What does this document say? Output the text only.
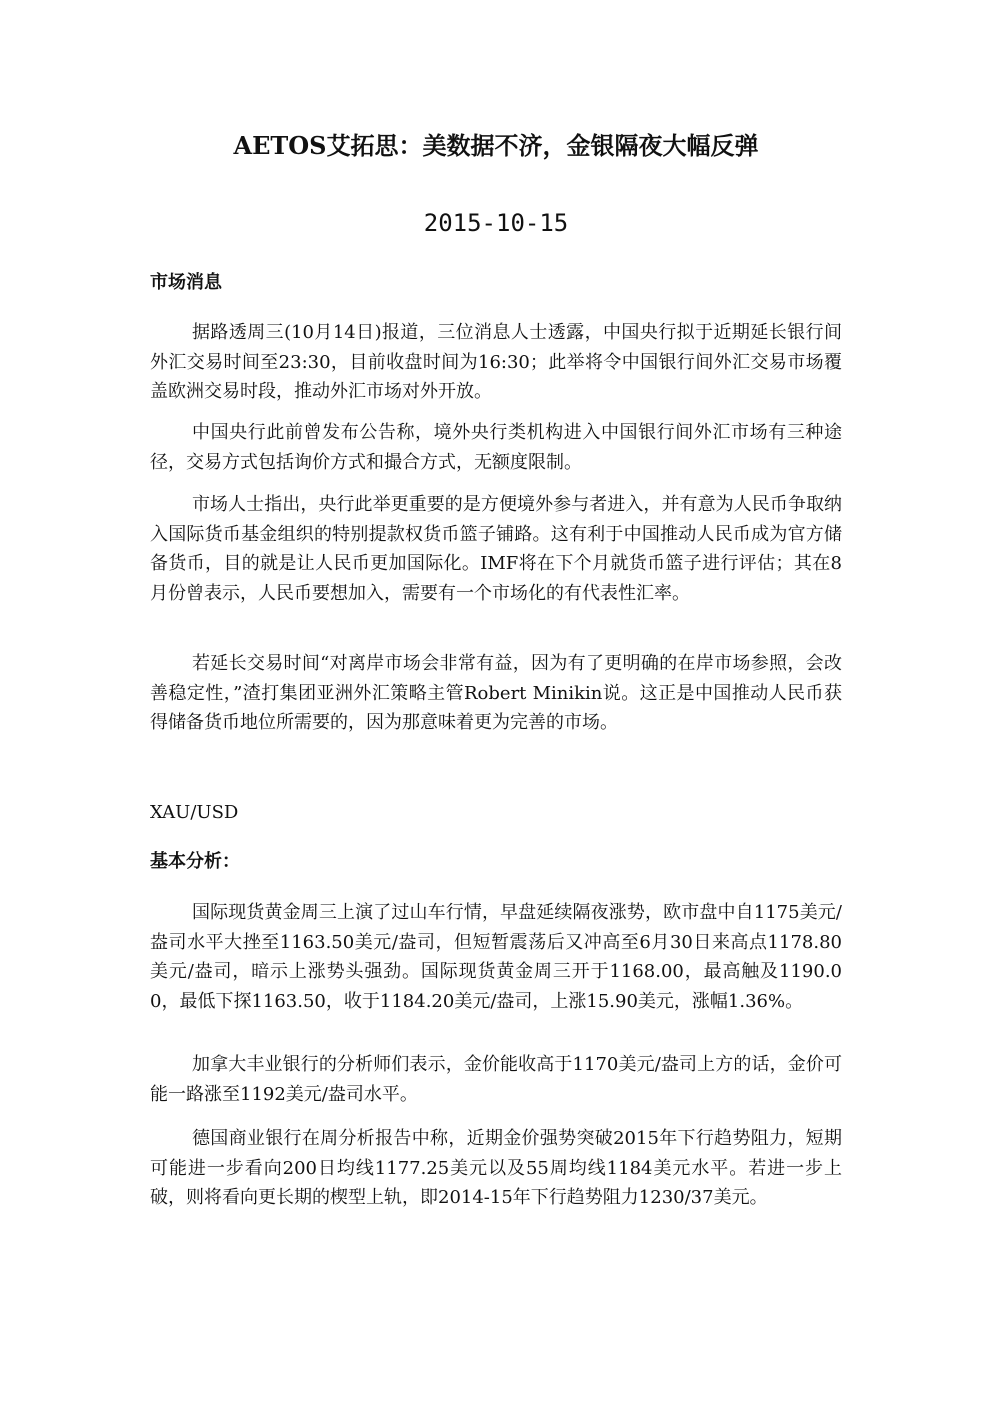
AETOS艾拓思：美数据不济，金银隔夜大幅反弹
2015-10-15
市场消息

据路透周三(10月14日)报道，三位消息人士透露，中国央行拟于近期延长银行间外汇交易时间至23:30，目前收盘时间为16:30；此举将令中国银行间外汇交易市场覆盖欧洲交易时段，推动外汇市场对外开放。

中国央行此前曾发布公告称，境外央行类机构进入中国银行间外汇市场有三种途径，交易方式包括询价方式和撮合方式，无额度限制。

市场人士指出，央行此举更重要的是方便境外参与者进入，并有意为人民币争取纳入国际货币基金组织的特别提款权货币篮子铺路。这有利于中国推动人民币成为官方储备货币，目的就是让人民币更加国际化。IMF将在下个月就货币篮子进行评估；其在8月份曾表示，人民币要想加入，需要有一个市场化的有代表性汇率。

若延长交易时间“对离岸市场会非常有益，因为有了更明确的在岸市场参照，会改善稳定性，”渣打集团亚洲外汇策略主管Robert Minikin说。这正是中国推动人民币获得储备货币地位所需要的，因为那意味着更为完善的市场。

XAU/USD
基本分析：

国际现货黄金周三上演了过山车行情，早盘延续隔夜涨势，欧市盘中自1175美元/盎司水平大挫至1163.50美元/盎司，但短暂震荡后又冲高至6月30日来高点1178.80美元/盎司，暗示上涨势头强劲。国际现货黄金周三开于1168.00，最高触及1190.00，最低下探1163.50，收于1184.20美元/盎司，上涨15.90美元，涨幅1.36%。

加拿大丰业银行的分析师们表示，金价能收高于1170美元/盎司上方的话，金价可能一路涨至1192美元/盎司水平。

德国商业银行在周分析报告中称，近期金价强势突破2015年下行趋势阻力，短期可能进一步看向200日均线1177.25美元以及55周均线1184美元水平。若进一步上破，则将看向更长期的楔型上轨，即2014-15年下行趋势阻力1230/37美元。
